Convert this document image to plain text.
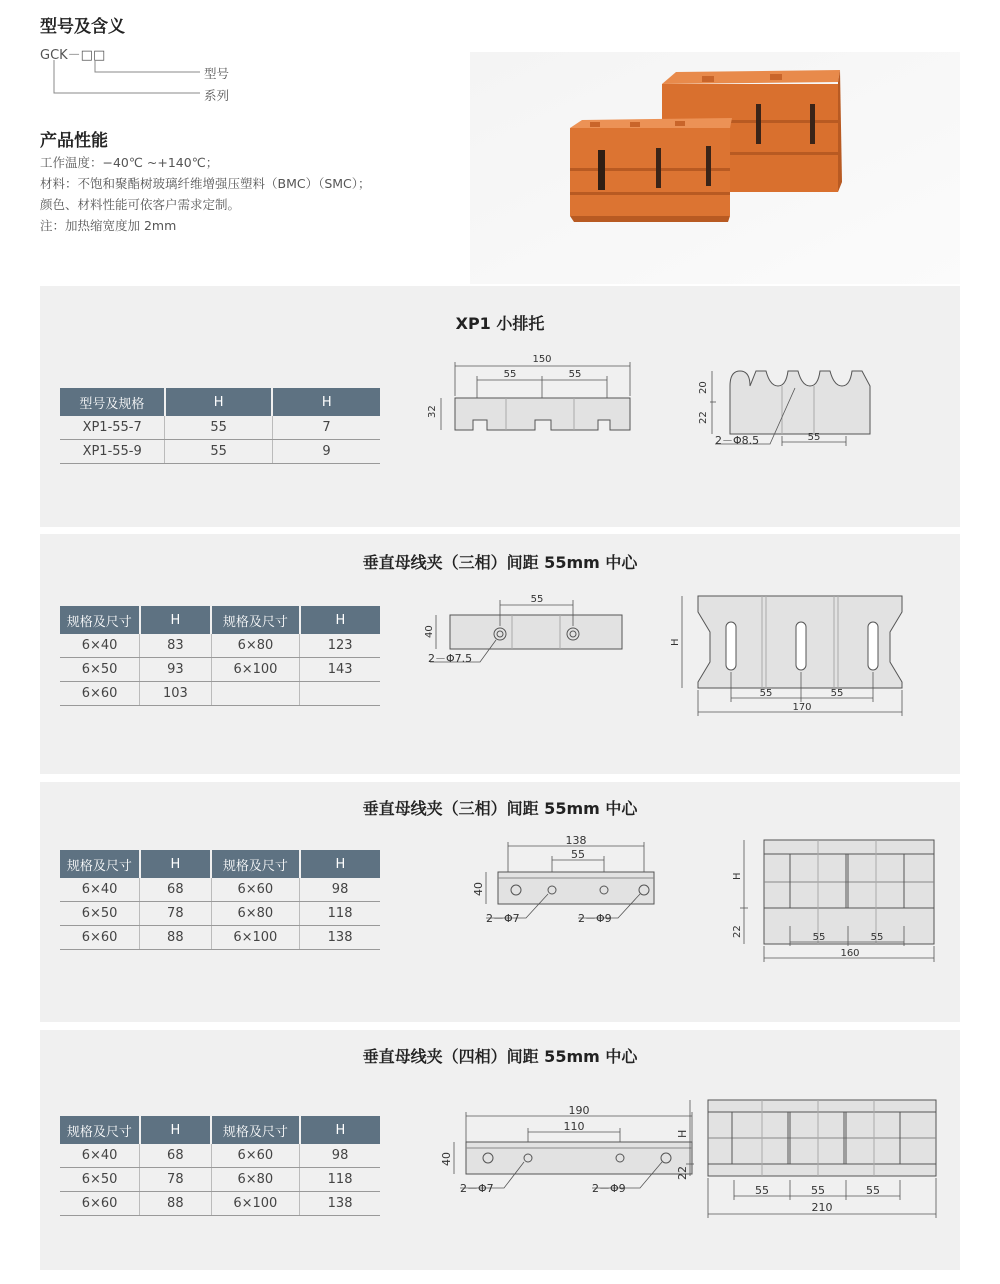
型号及含义
GCK－□□
型号
系列
产品性能
工作温度：−40℃ ~+140℃；
材料：不饱和聚酯树玻璃纤维增强压塑料（BMC）（SMC）；
颜色、材料性能可依客户需求定制。
注：加热缩宽度加 2mm
XP1 小排托
型号及规格	H	H
XP1-55-7	55	7
XP1-55-9	55	9
150
55	55
32
20
22
2－Φ8.5	55
垂直母线夹（三相）间距 55mm 中心
规格及尺寸	H	规格及尺寸	H
6×40	83	6×80	123
6×50	93	6×100	143
6×60	103		
55
40
2－Φ7.5
H
55	55
170
垂直母线夹（三相）间距 55mm 中心
规格及尺寸	H	规格及尺寸	H
6×40	68	6×60	98
6×50	78	6×80	118
6×60	88	6×100	138
138
55
40
2－Φ7	2－Φ9
H
22	55	55
160
垂直母线夹（四相）间距 55mm 中心
规格及尺寸	H	规格及尺寸	H
6×40	68	6×60	98
6×50	78	6×80	118
6×60	88	6×100	138
190
110
40
2－Φ7	2－Φ9
H
22
55	55	55
210
